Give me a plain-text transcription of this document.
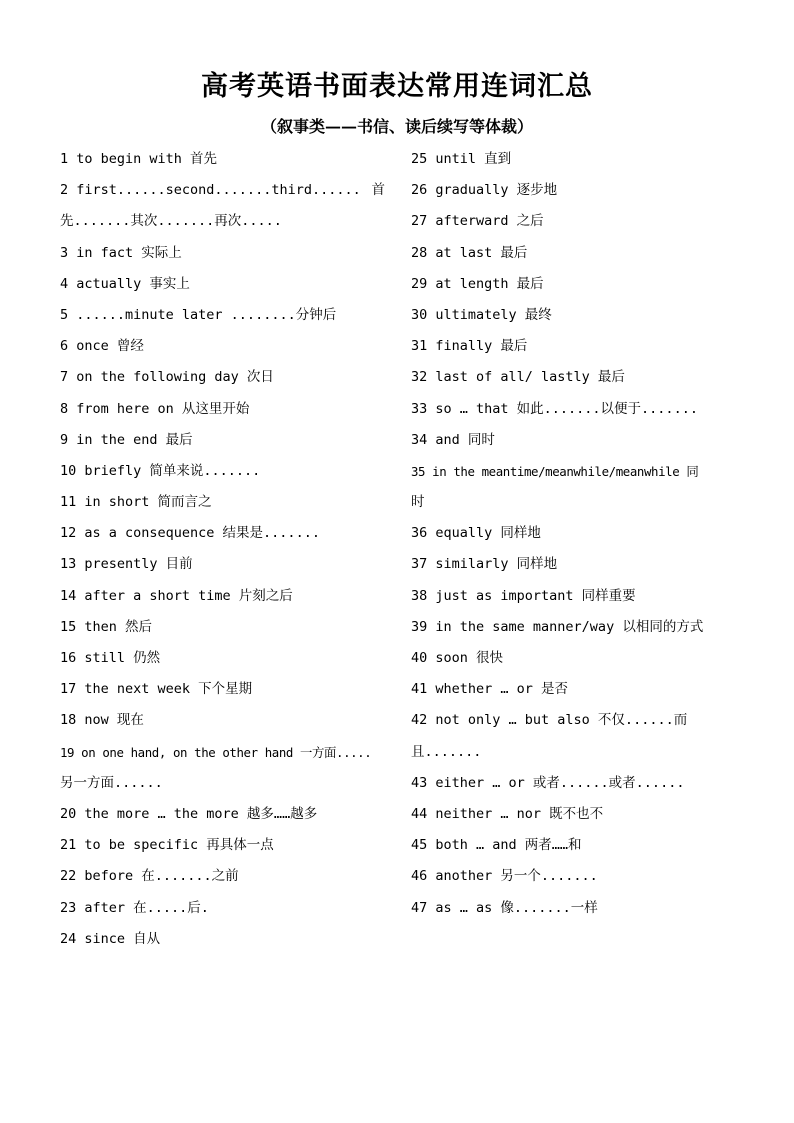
高考英语书面表达常用连词汇总
（叙事类——书信、读后续写等体裁）
1 to begin with 首先
2 first......second.......third...... 首
先.......其次.......再次.....
3 in fact 实际上
4 actually 事实上
5 ......minute later ........分钟后
6 once 曾经
7 on the following day 次日
8 from here on 从这里开始
9 in the end 最后
10 briefly 简单来说.......
11 in short 简而言之
12 as a consequence 结果是.......
13 presently 目前
14 after a short time 片刻之后
15 then 然后
16 still 仍然
17 the next week 下个星期
18 now 现在
19 on one hand, on the other hand 一方面.....
另一方面......
20 the more … the more 越多……越多
21 to be specific 再具体一点
22 before 在.......之前
23 after 在.....后.
24 since 自从
25 until 直到
26 gradually 逐步地
27 afterward 之后
28 at last 最后
29 at length 最后
30 ultimately 最终
31 finally 最后
32 last of all/ lastly 最后
33 so … that 如此.......以便于.......
34 and 同时
35 in the meantime/meanwhile/meanwhile 同
时
36 equally 同样地
37 similarly 同样地
38 just as important 同样重要
39 in the same manner/way 以相同的方式
40 soon 很快
41 whether … or 是否
42 not only … but also 不仅......而
且.......
43 either … or 或者......或者......
44 neither … nor 既不也不
45 both … and 两者……和
46 another 另一个.......
47 as … as 像.......一样
